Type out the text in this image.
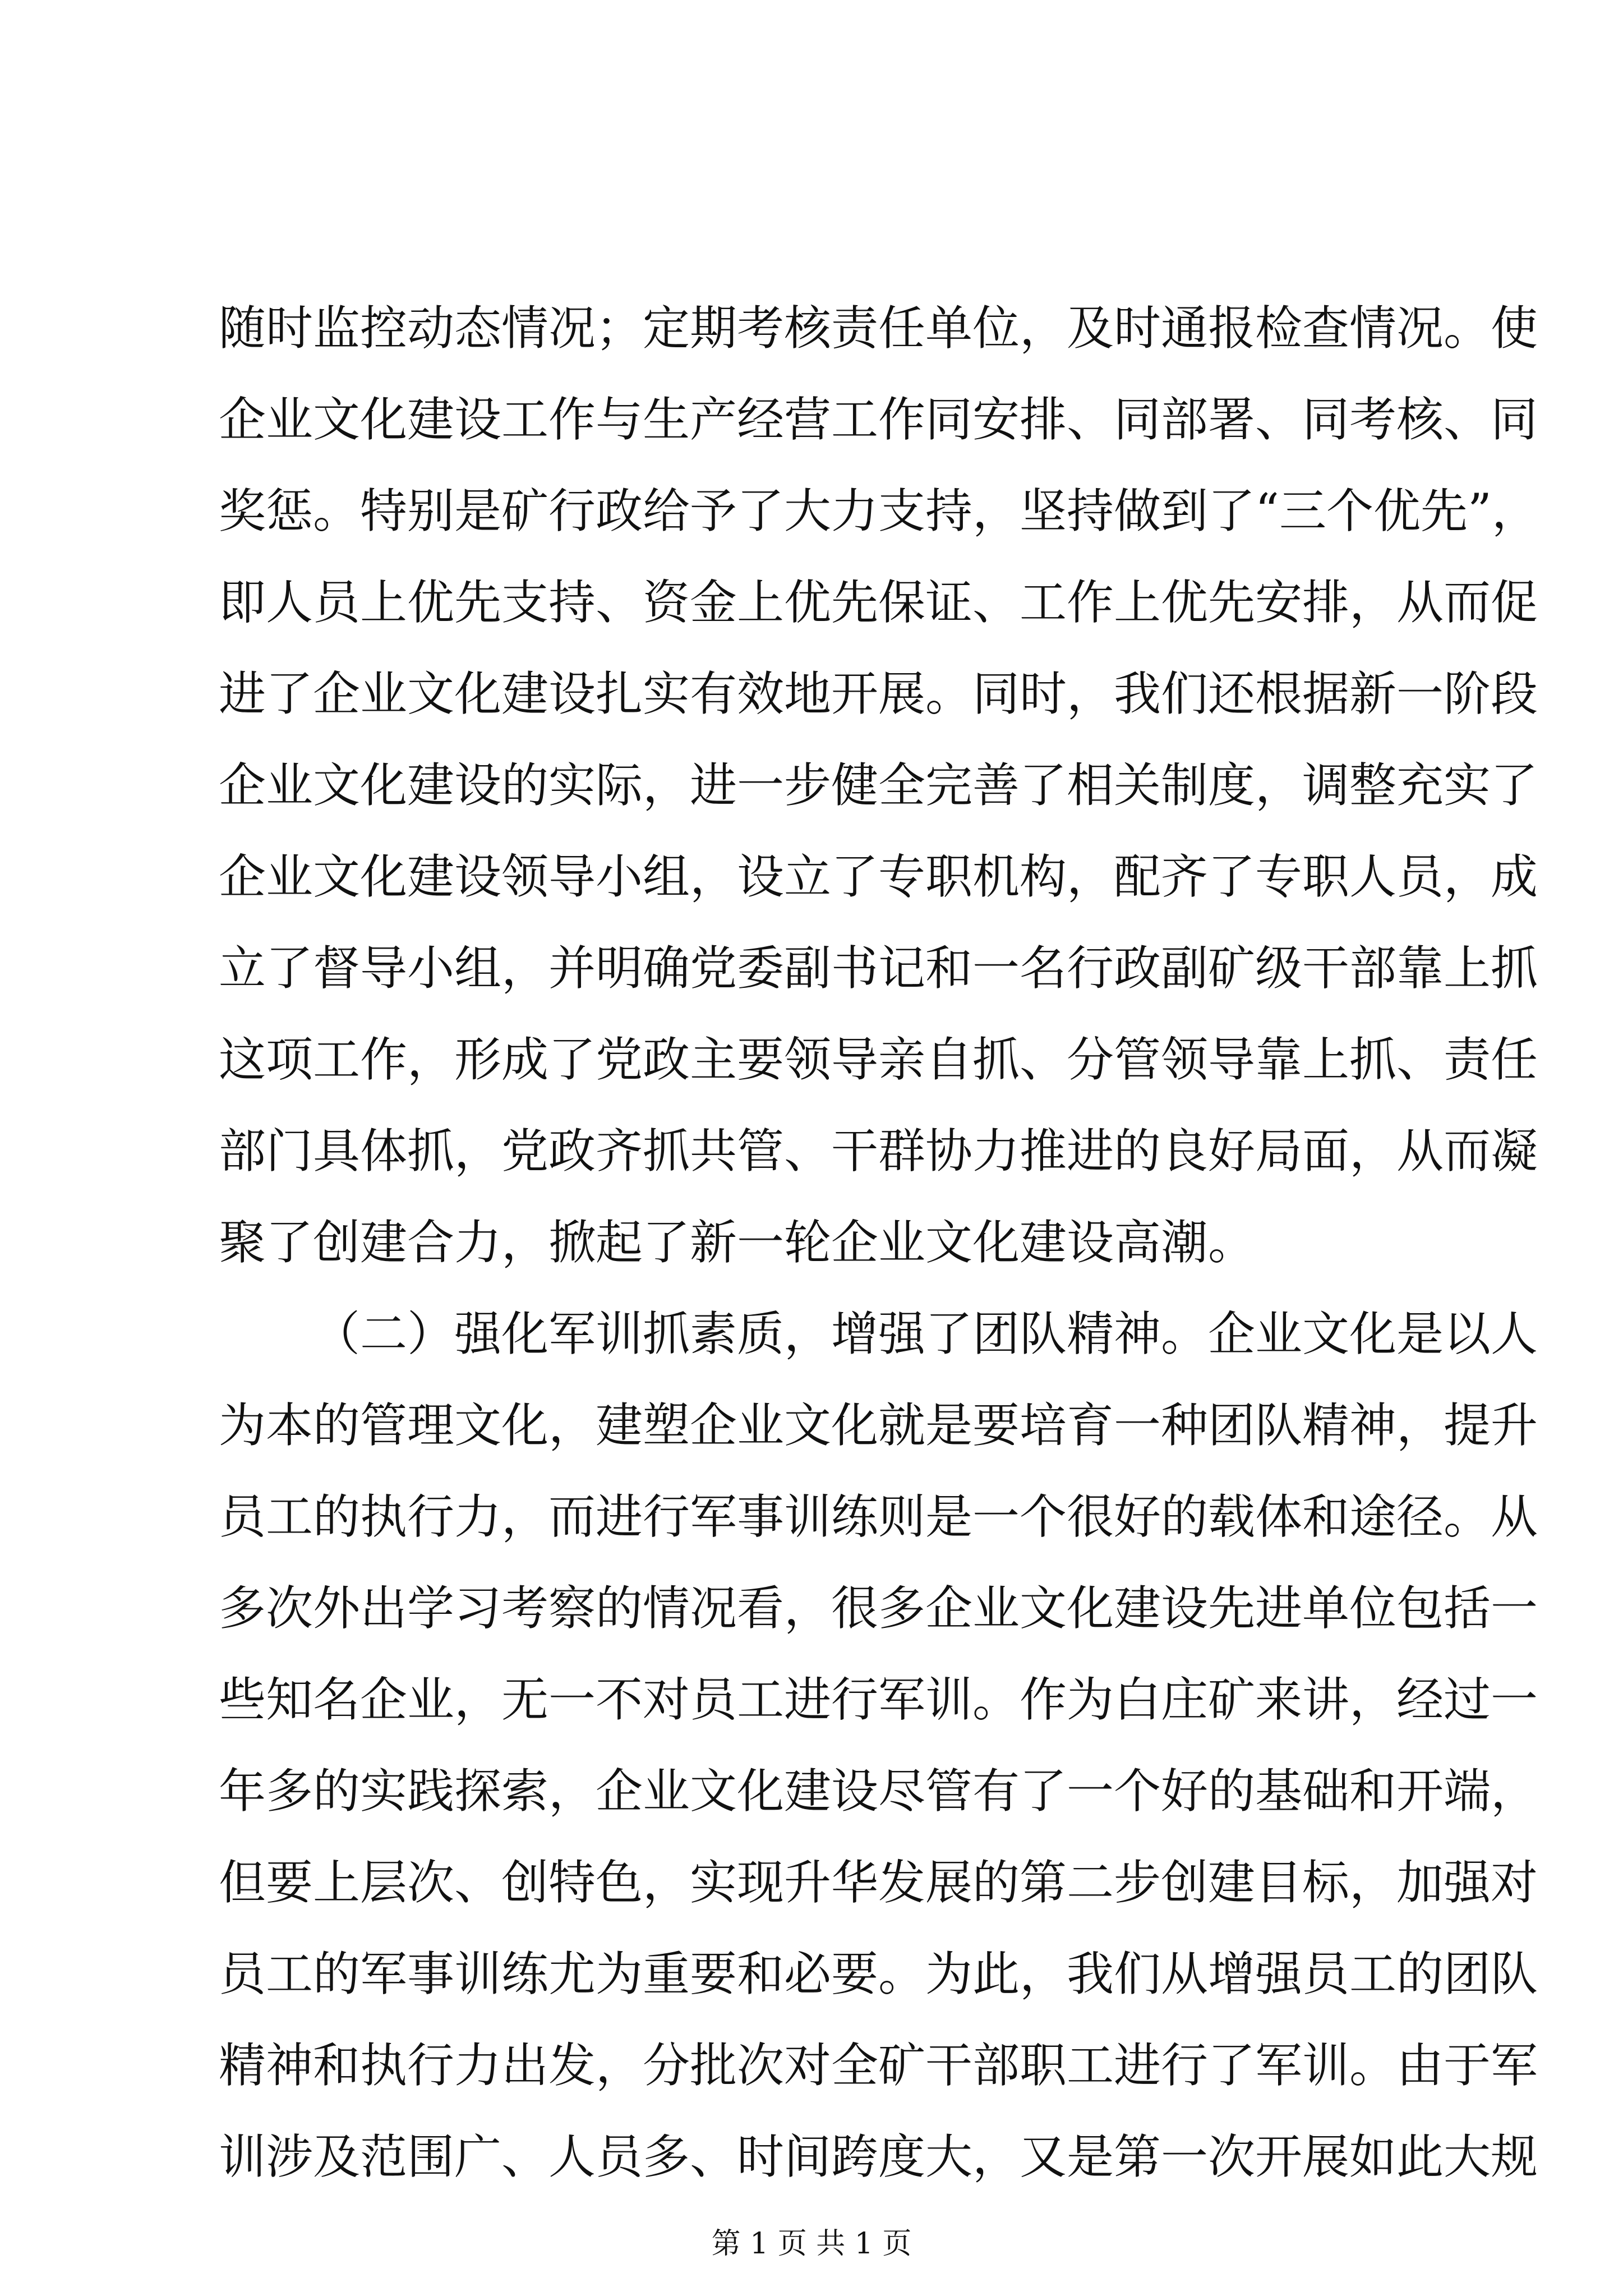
随时监控动态情况；定期考核责任单位，及时通报检查情况。使
企业文化建设工作与生产经营工作同安排、同部署、同考核、同
奖惩。特别是矿行政给予了大力支持，坚持做到了“三个优先”，
即人员上优先支持、资金上优先保证、工作上优先安排，从而促
进了企业文化建设扎实有效地开展。同时，我们还根据新一阶段
企业文化建设的实际，进一步健全完善了相关制度，调整充实了
企业文化建设领导小组，设立了专职机构，配齐了专职人员，成
立了督导小组，并明确党委副书记和一名行政副矿级干部靠上抓
这项工作，形成了党政主要领导亲自抓、分管领导靠上抓、责任
部门具体抓，党政齐抓共管、干群协力推进的良好局面，从而凝
聚了创建合力，掀起了新一轮企业文化建设高潮。
（二）强化军训抓素质，增强了团队精神。企业文化是以人
为本的管理文化，建塑企业文化就是要培育一种团队精神，提升
员工的执行力，而进行军事训练则是一个很好的载体和途径。从
多次外出学习考察的情况看，很多企业文化建设先进单位包括一
些知名企业，无一不对员工进行军训。作为白庄矿来讲，经过一
年多的实践探索，企业文化建设尽管有了一个好的基础和开端，
但要上层次、创特色，实现升华发展的第二步创建目标，加强对
员工的军事训练尤为重要和必要。为此，我们从增强员工的团队
精神和执行力出发，分批次对全矿干部职工进行了军训。由于军
训涉及范围广、人员多、时间跨度大，又是第一次开展如此大规
第 1 页 共 1 页
